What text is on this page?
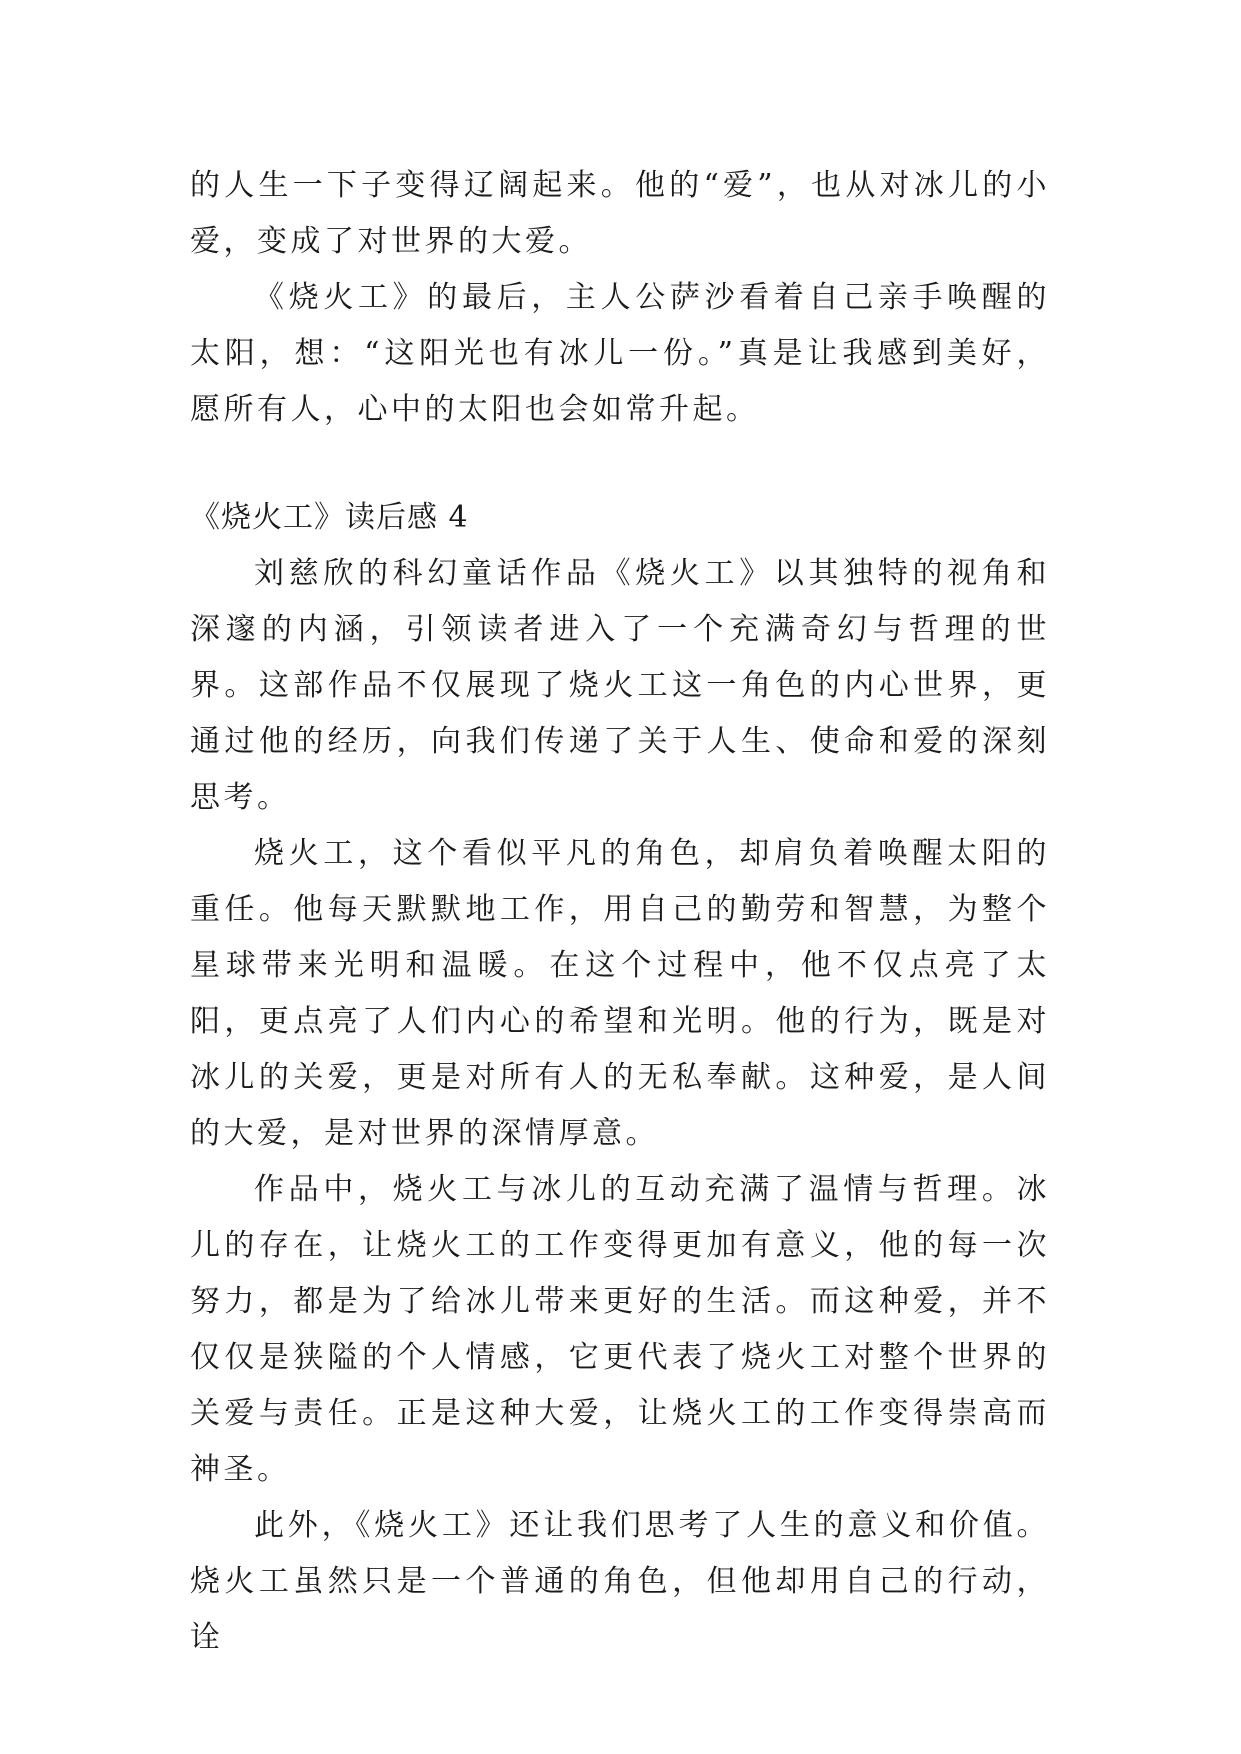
的人生一下子变得辽阔起来。他的“爱”，也从对冰儿的小爱，变成了对世界的大爱。

《烧火工》的最后，主人公萨沙看着自己亲手唤醒的太阳，想：“这阳光也有冰儿一份。”真是让我感到美好，愿所有人，心中的太阳也会如常升起。

《烧火工》读后感 4

刘慈欣的科幻童话作品《烧火工》以其独特的视角和深邃的内涵，引领读者进入了一个充满奇幻与哲理的世界。这部作品不仅展现了烧火工这一角色的内心世界，更通过他的经历，向我们传递了关于人生、使命和爱的深刻思考。

烧火工，这个看似平凡的角色，却肩负着唤醒太阳的重任。他每天默默地工作，用自己的勤劳和智慧，为整个星球带来光明和温暖。在这个过程中，他不仅点亮了太阳，更点亮了人们内心的希望和光明。他的行为，既是对冰儿的关爱，更是对所有人的无私奉献。这种爱，是人间的大爱，是对世界的深情厚意。

作品中，烧火工与冰儿的互动充满了温情与哲理。冰儿的存在，让烧火工的工作变得更加有意义，他的每一次努力，都是为了给冰儿带来更好的生活。而这种爱，并不仅仅是狭隘的个人情感，它更代表了烧火工对整个世界的关爱与责任。正是这种大爱，让烧火工的工作变得崇高而神圣。

此外，《烧火工》还让我们思考了人生的意义和价值。烧火工虽然只是一个普通的角色，但他却用自己的行动，诠
